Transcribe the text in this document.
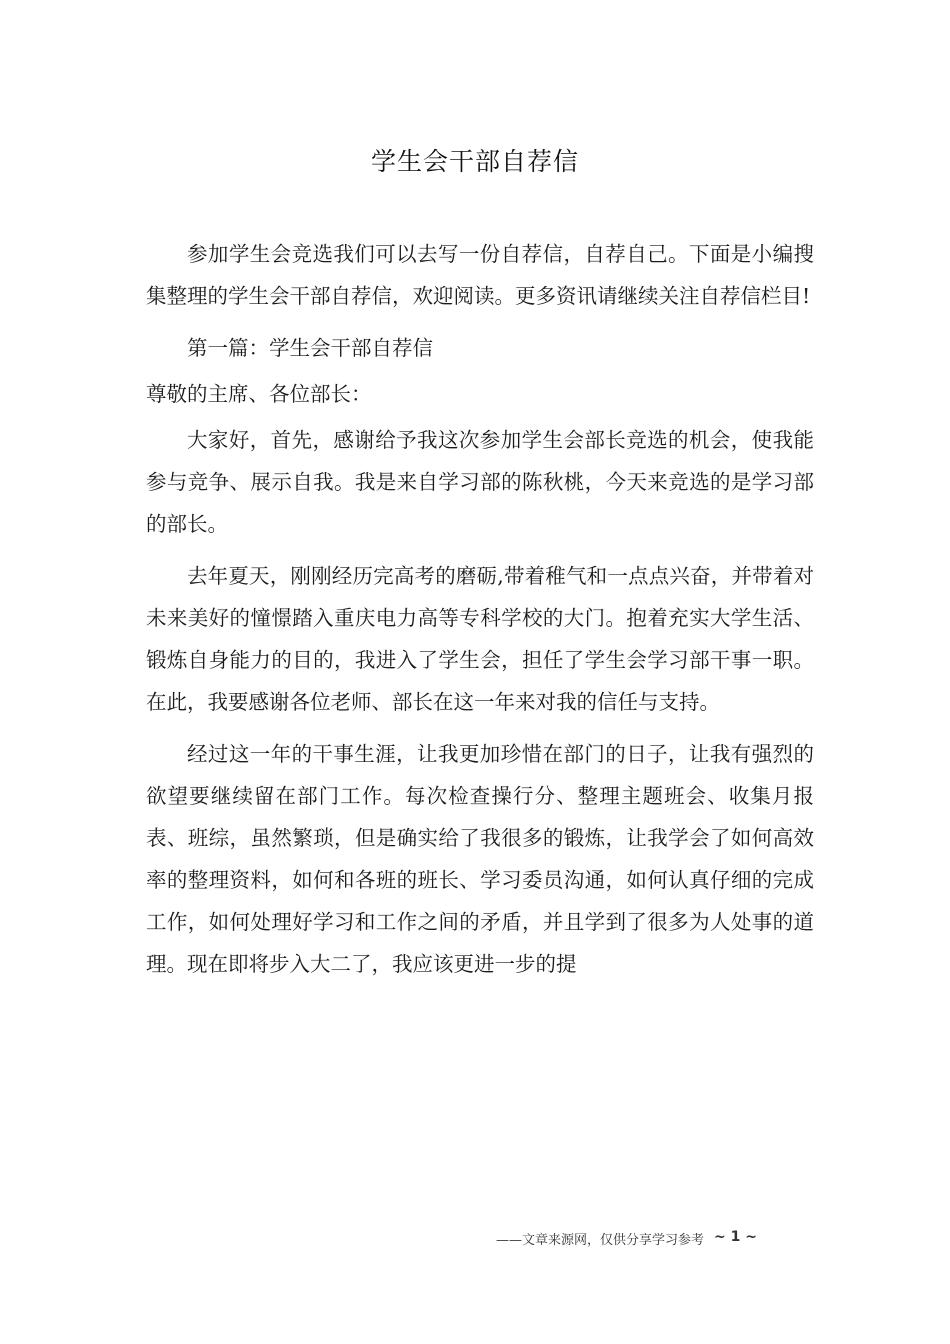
学生会干部自荐信

参加学生会竞选我们可以去写一份自荐信，自荐自己。下面是小编搜集整理的学生会干部自荐信，欢迎阅读。更多资讯请继续关注自荐信栏目!

第一篇：学生会干部自荐信

尊敬的主席、各位部长：

大家好，首先，感谢给予我这次参加学生会部长竞选的机会，使我能参与竞争、展示自我。我是来自学习部的陈秋桃，今天来竞选的是学习部的部长。

去年夏天，刚刚经历完高考的磨砺,带着稚气和一点点兴奋，并带着对未来美好的憧憬踏入重庆电力高等专科学校的大门。抱着充实大学生活、锻炼自身能力的目的，我进入了学生会，担任了学生会学习部干事一职。在此，我要感谢各位老师、部长在这一年来对我的信任与支持。

经过这一年的干事生涯，让我更加珍惜在部门的日子，让我有强烈的欲望要继续留在部门工作。每次检查操行分、整理主题班会、收集月报表、班综，虽然繁琐，但是确实给了我很多的锻炼，让我学会了如何高效率的整理资料，如何和各班的班长、学习委员沟通，如何认真仔细的完成工作，如何处理好学习和工作之间的矛盾，并且学到了很多为人处事的道理。现在即将步入大二了，我应该更进一步的提

——文章来源网，仅供分享学习参考 ~ 1 ~
